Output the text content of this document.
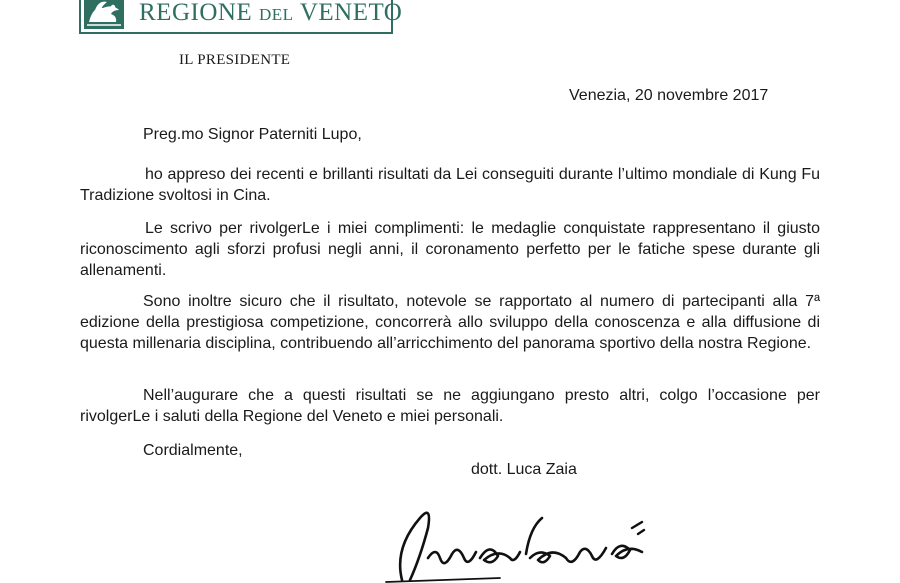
REGIONE DEL VENETO
IL PRESIDENTE
Venezia, 20 novembre 2017
Preg.mo Signor Paterniti Lupo,
ho appreso dei recenti e brillanti risultati da Lei conseguiti durante l’ultimo mondiale di Kung Fu Tradizione svoltosi in Cina.
Le scrivo per rivolgerLe i miei complimenti: le medaglie conquistate rappresentano il giusto riconoscimento agli sforzi profusi negli anni, il coronamento perfetto per le fatiche spese durante gli allenamenti.
Sono inoltre sicuro che il risultato, notevole se rapportato al numero di partecipanti alla 7ª edizione della prestigiosa competizione, concorrerà allo sviluppo della conoscenza e alla diffusione di questa millenaria disciplina, contribuendo all’arricchimento del panorama sportivo della nostra Regione.
Nell’augurare che a questi risultati se ne aggiungano presto altri, colgo l’occasione per rivolgerLe i saluti della Regione del Veneto e miei personali.
Cordialmente,
dott. Luca Zaia
